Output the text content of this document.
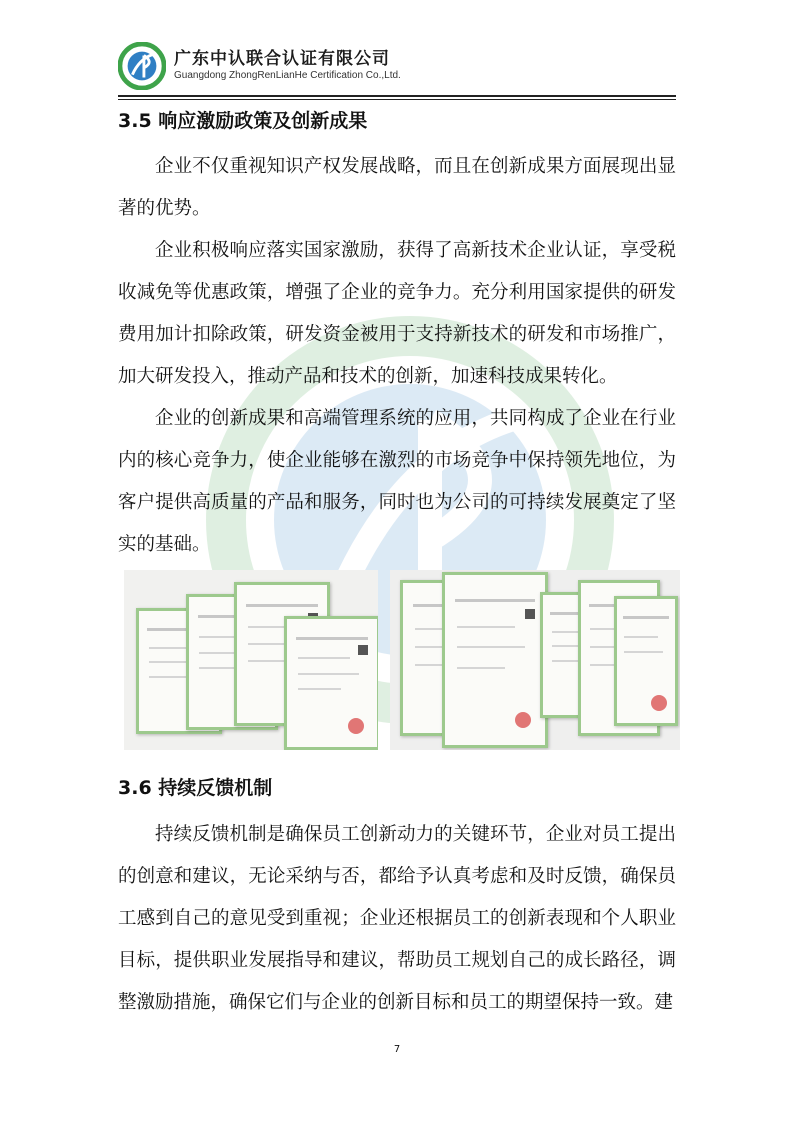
广东中认联合认证有限公司
Guangdong ZhongRenLianHe Certification Co.,Ltd.
3.5 响应激励政策及创新成果

企业不仅重视知识产权发展战略，而且在创新成果方面展现出显著的优势。

企业积极响应落实国家激励，获得了高新技术企业认证，享受税收减免等优惠政策，增强了企业的竞争力。充分利用国家提供的研发费用加计扣除政策，研发资金被用于支持新技术的研发和市场推广，加大研发投入，推动产品和技术的创新，加速科技成果转化。

企业的创新成果和高端管理系统的应用，共同构成了企业在行业内的核心竞争力，使企业能够在激烈的市场竞争中保持领先地位，为客户提供高质量的产品和服务，同时也为公司的可持续发展奠定了坚实的基础。

3.6 持续反馈机制

持续反馈机制是确保员工创新动力的关键环节，企业对员工提出的创意和建议，无论采纳与否，都给予认真考虑和及时反馈，确保员工感到自己的意见受到重视；企业还根据员工的创新表现和个人职业目标，提供职业发展指导和建议，帮助员工规划自己的成长路径，调整激励措施，确保它们与企业的创新目标和员工的期望保持一致。建

7
